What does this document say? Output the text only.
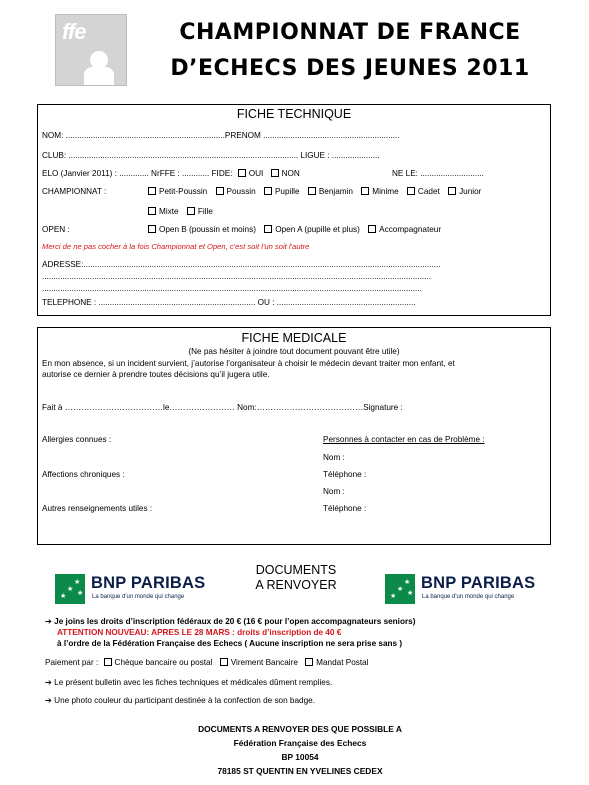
ffe	CHAMPIONNAT DE FRANCE
D’ECHECS DES JEUNES 2011
FICHE TECHNIQUE
NOM: ......................................................................PRENOM ............................................................
CLUB: ..................................................................................................... LIGUE : .....................
ELO (Janvier 2011) : ............. NrFFE : ............ FIDE: OUI NON	NE LE: ............................
CHAMPIONNAT :	Petit-Poussin Poussin Pupille Benjamin Minime Cadet Junior
Mixte Fille
OPEN :	Open B (poussin et moins) Open A (pupille et plus) Accompagnateur
Merci de ne pas cocher à la fois Championnat et Open, c'est soit l'un soit l'autre
ADRESSE:.............................................................................................................................................................
...........................................................................................................................................................................
.......................................................................................................................................................................
TELEPHONE : ..................................................................... OU : .............................................................
FICHE MEDICALE
(Ne pas hésiter à joindre tout document pouvant être utile)
En mon absence, si un incident survient, j’autorise l’organisateur à choisir le médecin devant traiter mon enfant, et
autorise ce dernier à prendre toutes décisions qu’il jugera utile.
Fait à ………………………………le…………………… Nom:…………………………………Signature :
Allergies connues :	Personnes à contacter en cas de Problème :
Nom :
Affections chroniques :	Téléphone :
Nom :
Autres renseignements utiles :	Téléphone :
★
★
★
★
BNP PARIBAS
La banque d'un monde qui change
DOCUMENTS
A RENVOYER
★
★
★
★
BNP PARIBAS
La banque d'un monde qui change
➔ Je joins les droits d’inscription fédéraux de 20 € (16 € pour l’open accompagnateurs seniors)
ATTENTION NOUVEAU: APRES LE 28 MARS : droits d’inscription de 40 €
à l’ordre de la Fédération Française des Echecs ( Aucune inscription ne sera prise sans )
Paiement par : Chèque bancaire ou postal Virement Bancaire Mandat Postal
➔ Le présent bulletin avec les fiches techniques et médicales dûment remplies.
➔ Une photo couleur du participant destinée à la confection de son badge.
DOCUMENTS A RENVOYER DES QUE POSSIBLE A
Fédération Française des Echecs
BP 10054
78185 ST QUENTIN EN YVELINES CEDEX
